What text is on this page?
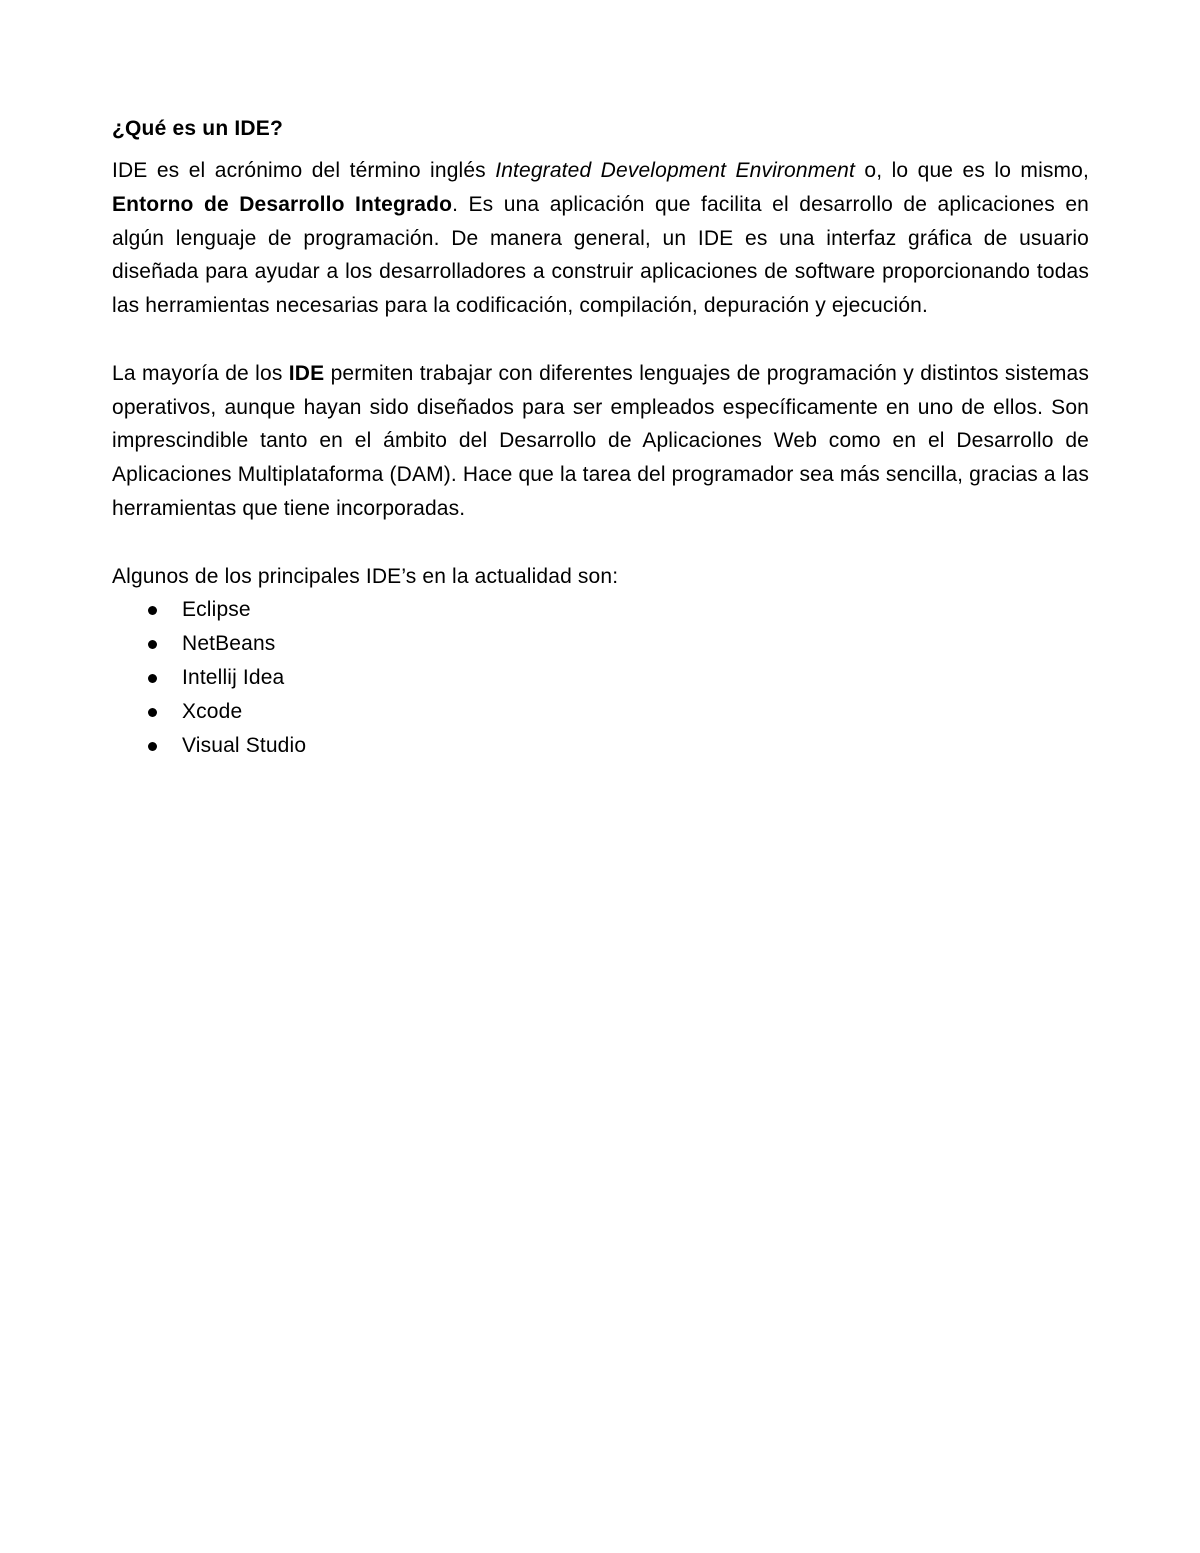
¿Qué es un IDE?

IDE es el acrónimo del término inglés Integrated Development Environment o, lo que es lo mismo, Entorno de Desarrollo Integrado. Es una aplicación que facilita el desarrollo de aplicaciones en algún lenguaje de programación. De manera general, un IDE es una interfaz gráfica de usuario diseñada para ayudar a los desarrolladores a construir aplicaciones de software proporcionando todas las herramientas necesarias para la codificación, compilación, depuración y ejecución.

La mayoría de los IDE permiten trabajar con diferentes lenguajes de programación y distintos sistemas operativos, aunque hayan sido diseñados para ser empleados específicamente en uno de ellos. Son imprescindible tanto en el ámbito del Desarrollo de Aplicaciones Web como en el Desarrollo de Aplicaciones Multiplataforma (DAM). Hace que la tarea del programador sea más sencilla, gracias a las herramientas que tiene incorporadas.

Algunos de los principales IDE’s en la actualidad son:

Eclipse
NetBeans
Intellij Idea
Xcode
Visual Studio
